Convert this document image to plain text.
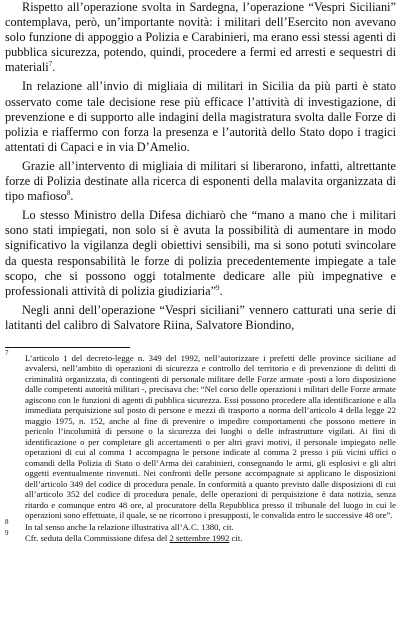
Rispetto all’operazione svolta in Sardegna, l’operazione “Vespri Siciliani” contemplava, però, un’importante novità: i militari dell’Esercito non avevano solo funzione di appoggio a Polizia e Carabinieri, ma erano essi stessi agenti di pubblica sicurezza, potendo, quindi, procedere a fermi ed arresti e sequestri di materiali$^7$.

In relazione all’invio di migliaia di militari in Sicilia da più parti è stato osservato come tale decisione rese più efficace l’attività di investigazione, di prevenzione e di supporto alle indagini della magistratura svolta dalle Forze di polizia e riaffermo con forza la presenza e l’autorità dello Stato dopo i tragici attentati di Capaci e in via D’Amelio.

Grazie all’intervento di migliaia di militari si liberarono, infatti, altrettante forze di Polizia destinate alla ricerca di esponenti della malavita organizzata di tipo mafioso$^8$.

Lo stesso Ministro della Difesa dichiarò che “mano a mano che i militari sono stati impiegati, non solo si è avuta la possibilità di aumentare in modo significativo la vigilanza degli obiettivi sensibili, ma si sono potuti svincolare da questa responsabilità le forze di polizia precedentemente impiegate a tale scopo, che si possono oggi totalmente dedicare alle più impegnative e professionali attività di polizia giudiziaria”$^9$.

Negli anni dell’operazione “Vespri siciliani” vennero catturati una serie di latitanti del calibro di Salvatore Riina, Salvatore Biondino,

7 L’articolo 1 del decreto-legge n. 349 del 1992, nell’autorizzare i prefetti delle province siciliane ad avvalersi, nell’ambito di operazioni di sicurezza e controllo del territorio e di prevenzione di delitti di criminalità organizzata, di contingenti di personale militare delle Forze armate -posti a loro disposizione dalle competenti autorità militari -, precisava che: “Nel corso delle operazioni i militari delle Forze armate agiscono con le funzioni di agenti di pubblica sicurezza. Essi possono procedere alla identificazione e alla immediata perquisizione sul posto di persone e mezzi di trasporto a norma dell’articolo 4 della legge 22 maggio 1975, n. 152, anche al fine di prevenire o impedire comportamenti che possono mettere in pericolo l’incolumità di persone o la sicurezza dei luoghi o delle infrastrutture vigilati. Ai fini di identificazione o per completare gli accertamenti o per altri gravi motivi, il personale impiegato nelle operazioni di cui al comma 1 accompagna le persone indicate al comma 2 presso i più vicini uffici o comandi della Polizia di Stato o dell’Arma dei carabinieri, consegnando le armi, gli esplosivi e gli altri oggetti eventualmente rinvenuti. Nei confronti delle persone accompagnate si applicano le disposizioni dell’articolo 349 del codice di procedura penale. In conformità a quanto previsto dalle disposizioni di cui all’articolo 352 del codice di procedura penale, delle operazioni di perquisizione è data notizia, senza ritardo e comunque entro 48 ore, al procuratore della Repubblica presso il tribunale del luogo in cui le operazioni sono effettuate, il quale, se ne ricorrono i presupposti, le convalida entro le successive 48 ore”.
8 In tal senso anche la relazione illustrativa all’A.C. 1380, cit.
9 Cfr. seduta della Commissione difesa del 2 settembre 1992 cit.
